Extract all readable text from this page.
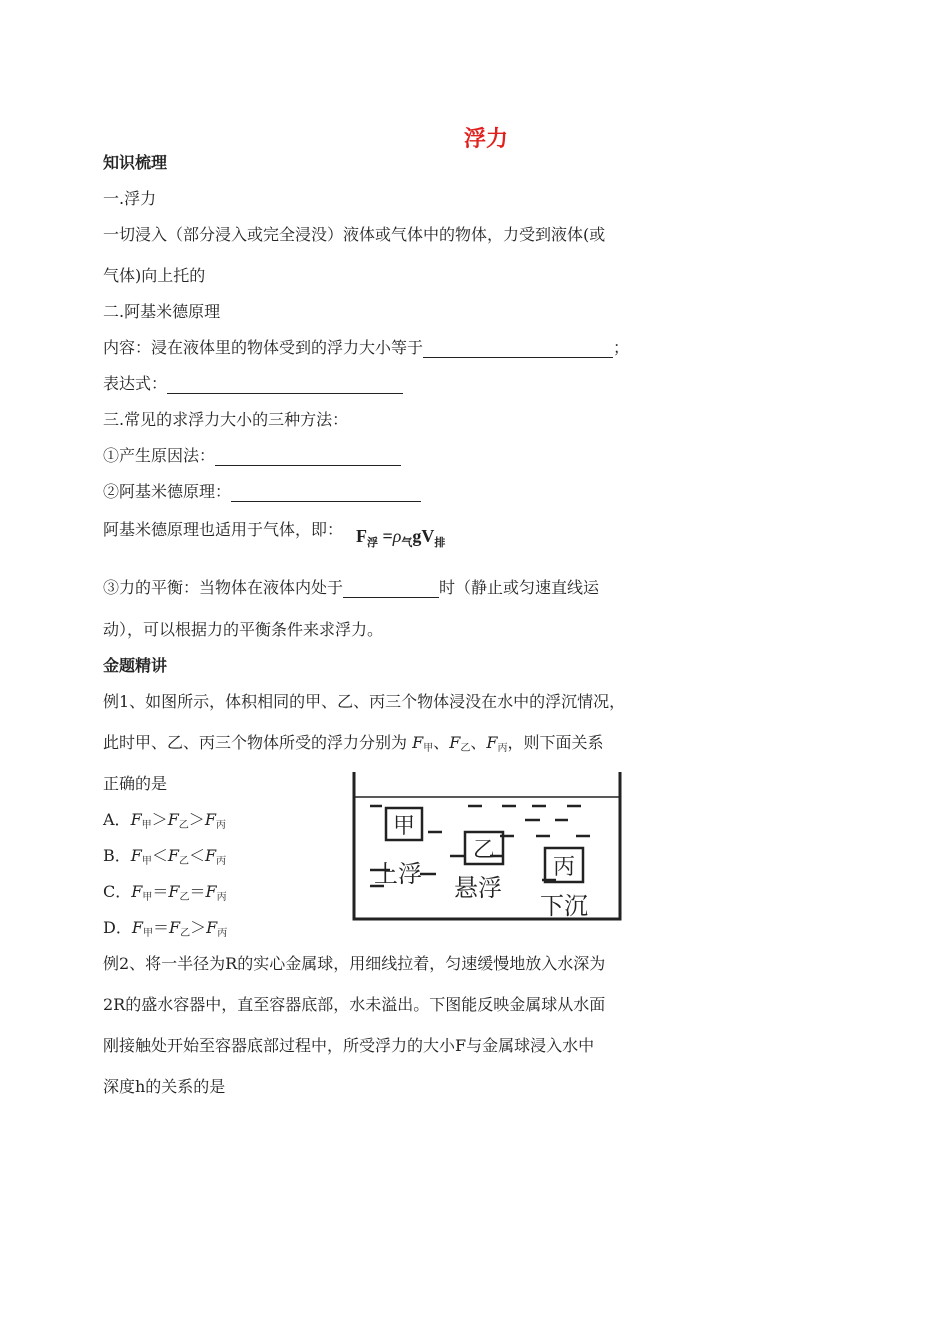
浮力
知识梳理
一.浮力
一切浸入（部分浸入或完全浸没）液体或气体中的物体，力受到液体(或
气体)向上托的
二.阿基米德原理
内容：浸在液体里的物体受到的浮力大小等于	；
表达式：
三.常见的求浮力大小的三种方法：
①产生原因法：
②阿基米德原理：
阿基米德原理也适用于气体，即： $F_浮 =\rho_气gV_排$
③力的平衡：当物体在液体内处于	时（静止或匀速直线运
动），可以根据力的平衡条件来求浮力。
金题精讲
例1、如图所示，体积相同的甲、乙、丙三个物体浸没在水中的浮沉情况，
此时甲、乙、丙三个物体所受的浮力分别为 F甲、F乙、F丙，则下面关系
正确的是
A．F甲＞F乙＞F丙
B．F甲＜F乙＜F丙
C．F甲＝F乙＝F丙
D．F甲＝F乙＞F丙
甲
乙
丙
上浮 悬浮
下沉
例2、将一半径为R的实心金属球，用细线拉着，匀速缓慢地放入水深为
2R的盛水容器中，直至容器底部，水未溢出。下图能反映金属球从水面
刚接触处开始至容器底部过程中，所受浮力的大小F与金属球浸入水中
深度h的关系的是
